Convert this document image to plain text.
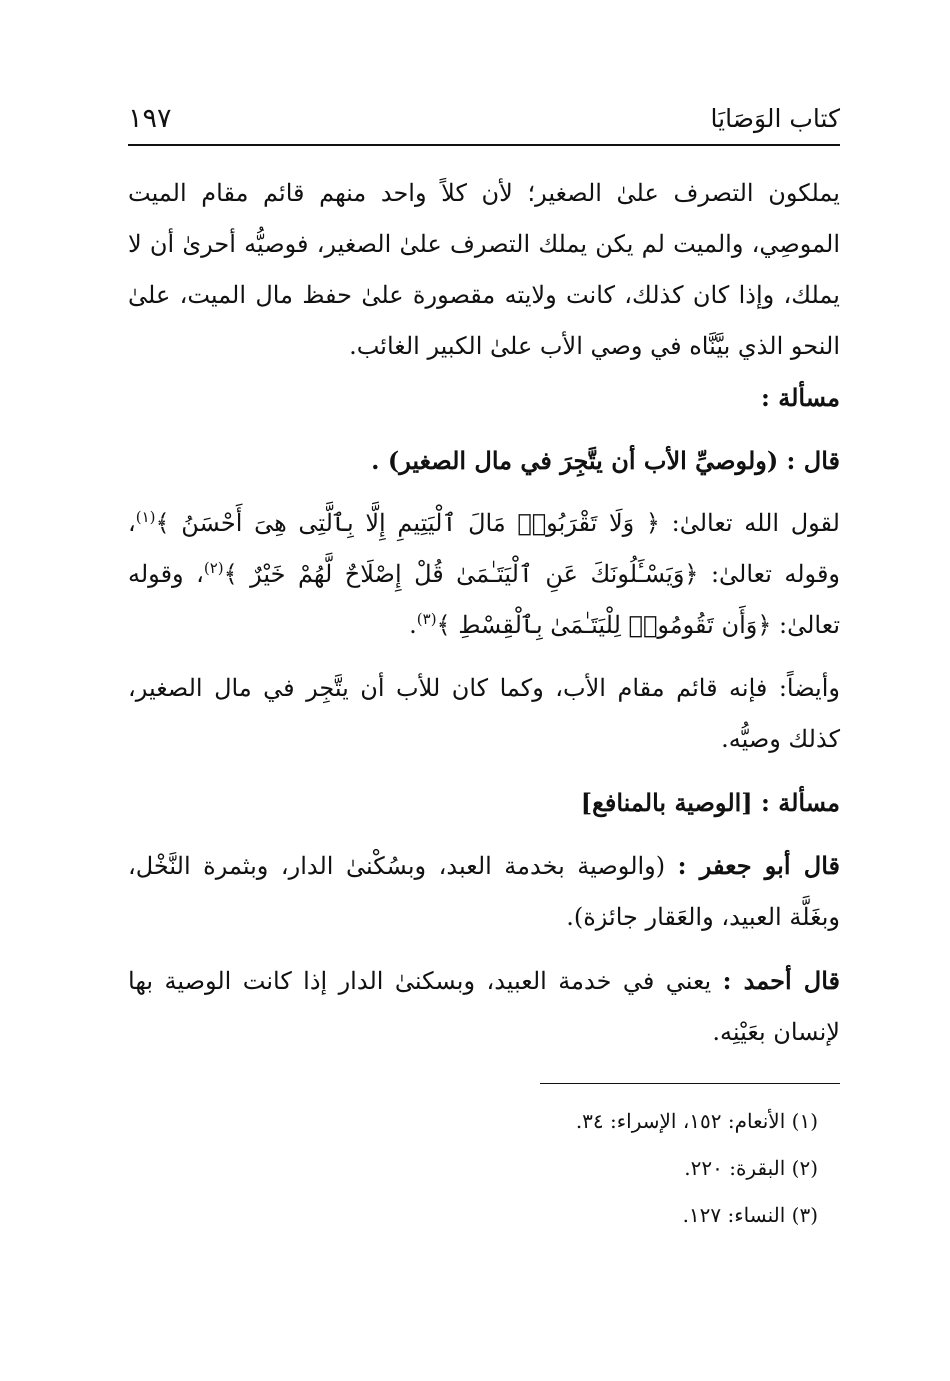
كتاب الوَصَايَا
١٩٧

يملكون التصرف علىٰ الصغير؛ لأن كلاً واحد منهم قائم مقام الميت الموصِي، والميت لم يكن يملك التصرف علىٰ الصغير، فوصيُّه أحرىٰ أن لا يملك، وإذا كان كذلك، كانت ولايته مقصورة علىٰ حفظ مال الميت، علىٰ النحو الذي بيَّنَّاه في وصي الأب علىٰ الكبير الغائب.

مسألة :

قال : (ولوصيِّ الأب أن يتَّجِرَ في مال الصغير) .

لقول الله تعالىٰ: ﴿ وَلَا تَقْرَبُوا۟ مَالَ ٱلْيَتِيمِ إِلَّا بِٱلَّتِى هِىَ أَحْسَنُ ﴾$^{(١)}$، وقوله تعالىٰ: ﴿وَيَسْـَٔلُونَكَ عَنِ ٱلْيَتَـٰمَىٰ قُلْ إِصْلَاحٌ لَّهُمْ خَيْرٌ ﴾$^{(٢)}$، وقوله تعالىٰ: ﴿وَأَن تَقُومُوا۟ لِلْيَتَـٰمَىٰ بِٱلْقِسْطِ ﴾$^{(٣)}$.

وأيضاً: فإنه قائم مقام الأب، وكما كان للأب أن يتَّجِر في مال الصغير، كذلك وصيُّه.

مسألة : [الوصية بالمنافع]

قال أبو جعفر : (والوصية بخدمة العبد، وبسُكْنىٰ الدار، وبثمرة النَّخْل، وبغَلَّة العبيد، والعَقار جائزة).

قال أحمد : يعني في خدمة العبيد، وبسكنىٰ الدار إذا كانت الوصية بها لإنسان بعَيْنِه.

(١) الأنعام: ١٥٢، الإسراء: ٣٤.
(٢) البقرة: ٢٢٠.
(٣) النساء: ١٢٧.
